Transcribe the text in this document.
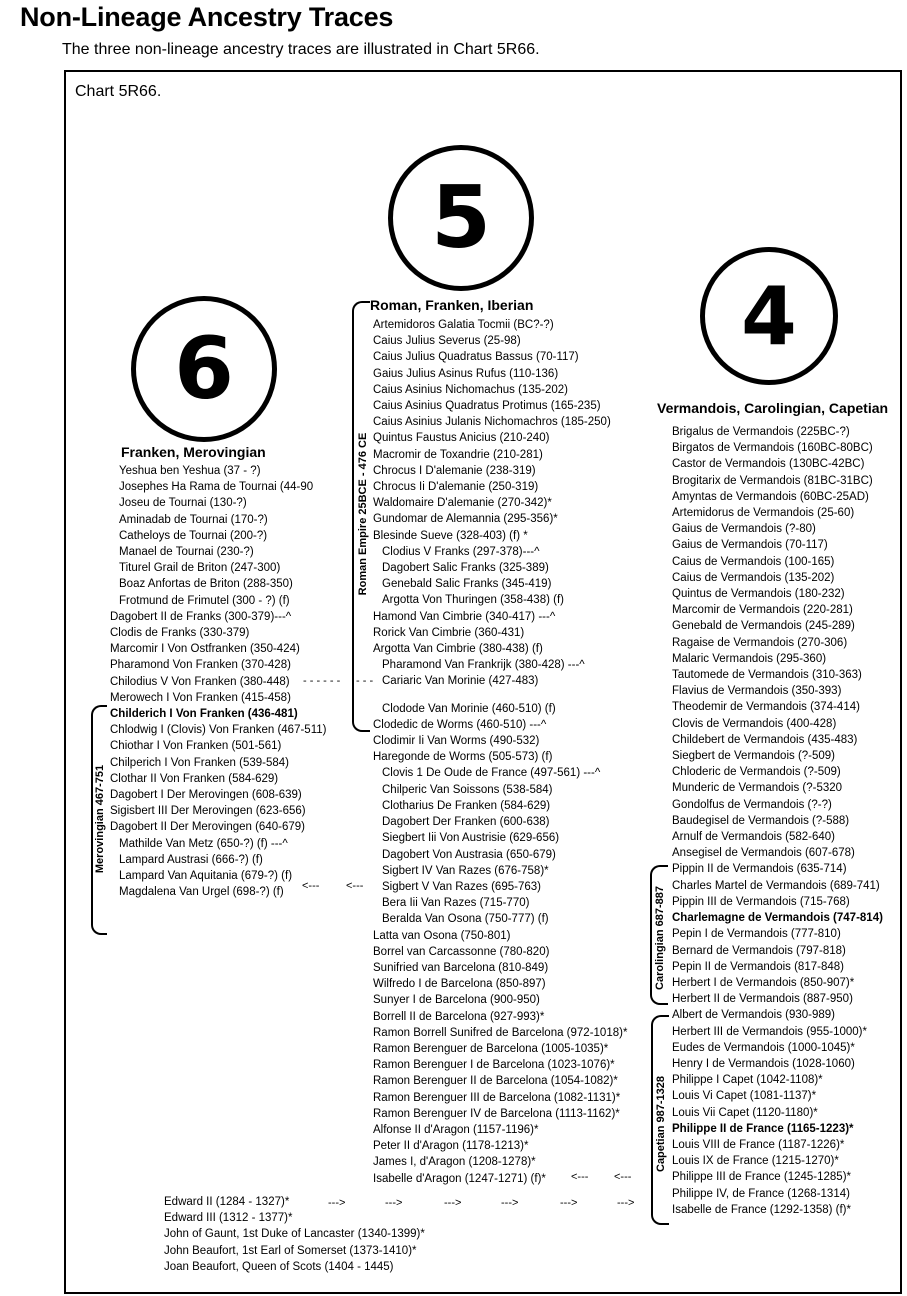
Non-Lineage Ancestry Traces
The three non-lineage ancestry traces are illustrated in Chart 5R66.
Chart 5R66.
6
5
4
Franken, Merovingian
Roman, Franken, Iberian
Vermandois, Carolingian, Capetian
Yeshua ben Yeshua (37 - ?)
Josephes Ha Rama de Tournai (44-90
Joseu de Tournai (130-?)
Aminadab de Tournai (170-?)
Catheloys de Tournai (200-?)
Manael de Tournai (230-?)
Titurel Grail de Briton (247-300)
Boaz Anfortas de Briton (288-350)
Frotmund de Frimutel (300 - ?) (f)
Dagobert II de Franks (300-379)---^
Clodis de Franks (330-379)
Marcomir I Von Ostfranken (350-424)
Pharamond Von Franken (370-428)
Chilodius V Von Franken (380-448)
Merowech I Von Franken (415-458)
Childerich I Von Franken (436-481)
Chlodwig I (Clovis) Von Franken (467-511)
Chiothar I Von Franken (501-561)
Chilperich I Von Franken (539-584)
Clothar II Von Franken (584-629)
Dagobert I Der Merovingen (608-639)
Sigisbert III Der Merovingen (623-656)
Dagobert II Der Merovingen (640-679)
Mathilde Van Metz (650-?) (f) ---^
Lampard Austrasi (666-?) (f)
Lampard Van Aquitania (679-?) (f)
Magdalena Van Urgel (698-?) (f)
Artemidoros Galatia Tocmii (BC?-?)
Caius Julius Severus (25-98)
Caius Julius Quadratus Bassus (70-117)
Gaius Julius Asinus Rufus (110-136)
Caius Asinius Nichomachus (135-202)
Caius Asinius Quadratus Protimus (165-235)
Caius Asinius Julanis Nichomachros (185-250)
Quintus Faustus Anicius (210-240)
Macromir de Toxandrie (210-281)
Chrocus I D'alemanie (238-319)
Chrocus Ii D'alemanie (250-319)
Waldomaire D'alemanie (270-342)*
Gundomar de Alemannia (295-356)*
Blesinde Sueve (328-403) (f) *
Clodius V Franks (297-378)---^
Dagobert Salic Franks (325-389)
Genebald Salic Franks (345-419)
Argotta Von Thuringen (358-438) (f)
Hamond Van Cimbrie (340-417) ---^
Rorick Van Cimbrie (360-431)
Argotta Van Cimbrie (380-438) (f)
Pharamond Van Frankrijk (380-428) ---^
Cariaric Van Morinie (427-483)
Clodode Van Morinie (460-510) (f)
Clodedic de Worms (460-510) ---^
Clodimir Ii Van Worms (490-532)
Haregonde de Worms (505-573) (f)
Clovis 1 De Oude de France (497-561) ---^
Chilperic Van Soissons (538-584)
Clotharius De Franken (584-629)
Dagobert Der Franken (600-638)
Siegbert Iii Von Austrisie (629-656)
Dagobert Von Austrasia (650-679)
Sigbert IV Van Razes (676-758)*
Sigbert V Van Razes (695-763)
Bera Iii Van Razes (715-770)
Beralda Van Osona (750-777) (f)
Latta van Osona (750-801)
Borrel van Carcassonne (780-820)
Sunifried van Barcelona (810-849)
Wilfredo I de Barcelona (850-897)
Sunyer I de Barcelona (900-950)
Borrell II de Barcelona (927-993)*
Ramon Borrell Sunifred de Barcelona (972-1018)*
Ramon Berenguer de Barcelona (1005-1035)*
Ramon Berenguer I de Barcelona (1023-1076)*
Ramon Berenguer II de Barcelona (1054-1082)*
Ramon Berenguer III de Barcelona (1082-1131)*
Ramon Berenguer IV de Barcelona (1113-1162)*
Alfonse II d'Aragon (1157-1196)*
Peter II d'Aragon (1178-1213)*
James I, d'Aragon (1208-1278)*
Isabelle d'Aragon (1247-1271) (f)*
Brigalus de Vermandois (225BC-?)
Birgatos de Vermandois (160BC-80BC)
Castor de Vermandois (130BC-42BC)
Brogitarix de Vermandois (81BC-31BC)
Amyntas de Vermandois (60BC-25AD)
Artemidorus de Vermandois (25-60)
Gaius de Vermandois (?-80)
Gaius de Vermandois (70-117)
Caius de Vermandois (100-165)
Caius de Vermandois (135-202)
Quintus de Vermandois (180-232)
Marcomir de Vermandois (220-281)
Genebald de Vermandois (245-289)
Ragaise de Vermandois (270-306)
Malaric Vermandois (295-360)
Tautomede de Vermandois (310-363)
Flavius de Vermandois (350-393)
Theodemir de Vermandois (374-414)
Clovis de Vermandois (400-428)
Childebert de Vermandois (435-483)
Siegbert de Vermandois (?-509)
Chloderic de Vermandois (?-509)
Munderic de Vermandois (?-5320
Gondolfus de Vermandois (?-?)
Baudegisel de Vermandois (?-588)
Arnulf de Vermandois (582-640)
Ansegisel de Vermandois (607-678)
Pippin II de Vermandois (635-714)
Charles Martel de Vermandois (689-741)
Pippin III de Vermandois (715-768)
Charlemagne de Vermandois (747-814)
Pepin I de Vermandois (777-810)
Bernard de Vermandois (797-818)
Pepin II de Vermandois (817-848)
Herbert I de Vermandois (850-907)*
Herbert II de Vermandois (887-950)
Albert de Vermandois (930-989)
Herbert III de Vermandois (955-1000)*
Eudes de Vermandois (1000-1045)*
Henry I de Vermandois (1028-1060)
Philippe I Capet (1042-1108)*
Louis Vi Capet (1081-1137)*
Louis Vii Capet (1120-1180)*
Philippe II de France (1165-1223)*
Louis VIII de France (1187-1226)*
Louis IX de France (1215-1270)*
Philippe III de France (1245-1285)*
Philippe IV, de France (1268-1314)
Isabelle de France (1292-1358) (f)*
Edward II (1284 - 1327)*
Edward III (1312 - 1377)*
John of Gaunt, 1st Duke of Lancaster (1340-1399)*
John Beaufort, 1st Earl of Somerset (1373-1410)*
Joan Beaufort, Queen of Scots (1404 - 1445)
Roman Empire 25BCE - 476 CE
Merovingian 467-751
Carolingian 687-887
Capetian 987-1328
- - - - - - - - -
<--- <---
<--- <---
--->	--->	--->	--->	--->	--->
